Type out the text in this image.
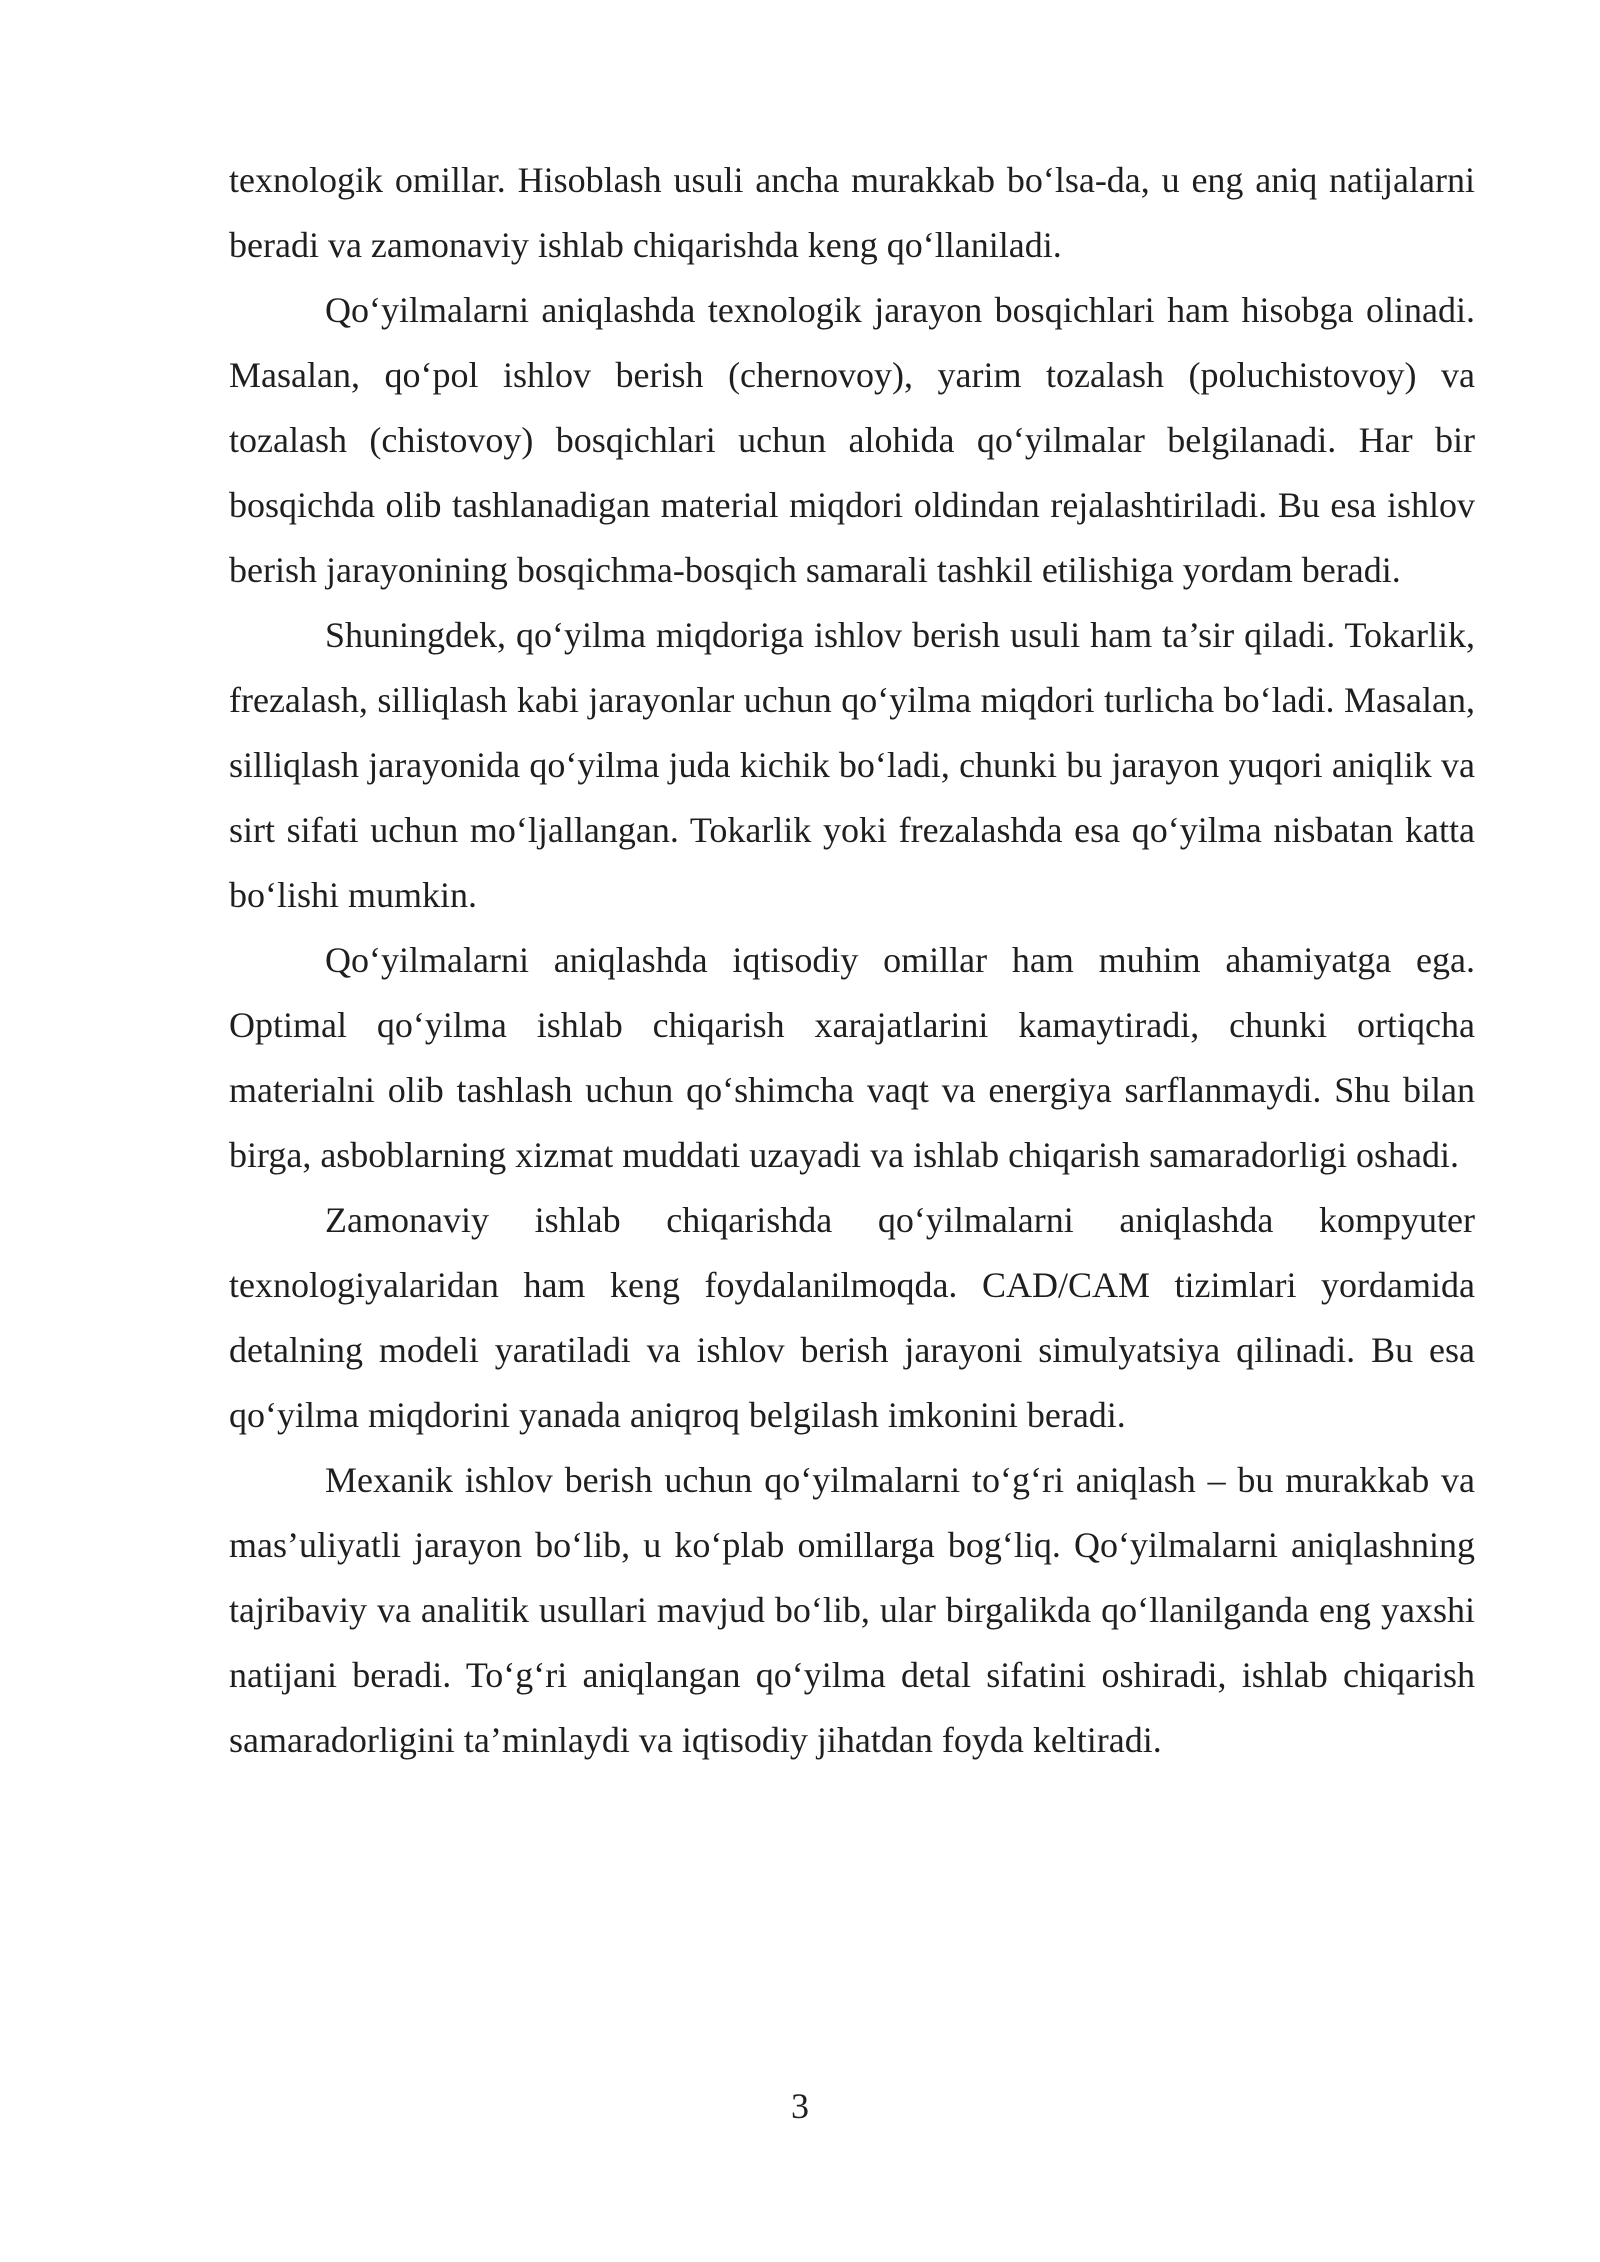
texnologik omillar. Hisoblash usuli ancha murakkab bo‘lsa-da, u eng aniq natijalarni beradi va zamonaviy ishlab chiqarishda keng qo‘llaniladi.

Qo‘yilmalarni aniqlashda texnologik jarayon bosqichlari ham hisobga olinadi. Masalan, qo‘pol ishlov berish (chernovoy), yarim tozalash (poluchistovoy) va tozalash (chistovoy) bosqichlari uchun alohida qo‘yilmalar belgilanadi. Har bir bosqichda olib tashlanadigan material miqdori oldindan rejalashtiriladi. Bu esa ishlov berish jarayonining bosqichma-bosqich samarali tashkil etilishiga yordam beradi.

Shuningdek, qo‘yilma miqdoriga ishlov berish usuli ham ta’sir qiladi. Tokarlik, frezalash, silliqlash kabi jarayonlar uchun qo‘yilma miqdori turlicha bo‘ladi. Masalan, silliqlash jarayonida qo‘yilma juda kichik bo‘ladi, chunki bu jarayon yuqori aniqlik va sirt sifati uchun mo‘ljallangan. Tokarlik yoki frezalashda esa qo‘yilma nisbatan katta bo‘lishi mumkin.

Qo‘yilmalarni aniqlashda iqtisodiy omillar ham muhim ahamiyatga ega. Optimal qo‘yilma ishlab chiqarish xarajatlarini kamaytiradi, chunki ortiqcha materialni olib tashlash uchun qo‘shimcha vaqt va energiya sarflanmaydi. Shu bilan birga, asboblarning xizmat muddati uzayadi va ishlab chiqarish samaradorligi oshadi.

Zamonaviy ishlab chiqarishda qo‘yilmalarni aniqlashda kompyuter texnologiyalaridan ham keng foydalanilmoqda. CAD/CAM tizimlari yordamida detalning modeli yaratiladi va ishlov berish jarayoni simulyatsiya qilinadi. Bu esa qo‘yilma miqdorini yanada aniqroq belgilash imkonini beradi.

Mexanik ishlov berish uchun qo‘yilmalarni to‘g‘ri aniqlash – bu murakkab va mas’uliyatli jarayon bo‘lib, u ko‘plab omillarga bog‘liq. Qo‘yilmalarni aniqlashning tajribaviy va analitik usullari mavjud bo‘lib, ular birgalikda qo‘llanilganda eng yaxshi natijani beradi. To‘g‘ri aniqlangan qo‘yilma detal sifatini oshiradi, ishlab chiqarish samaradorligini ta’minlaydi va iqtisodiy jihatdan foyda keltiradi.

3
